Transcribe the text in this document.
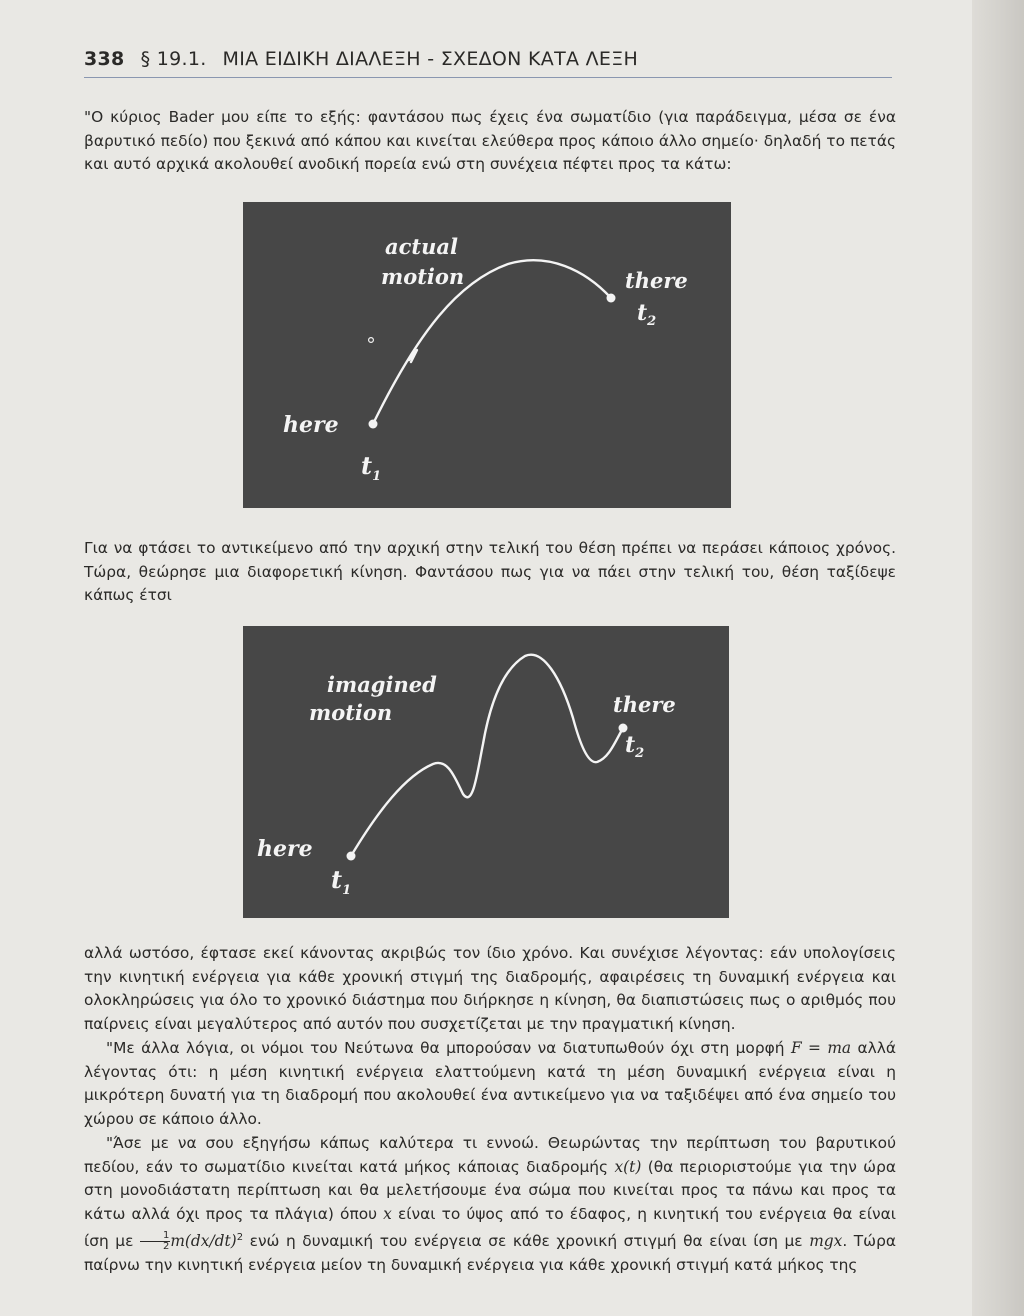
338 § 19.1. ΜΙΑ ΕΙΔΙΚΗ ΔΙΑΛΕΞΗ - ΣΧΕΔΟΝ ΚΑΤΑ ΛΕΞΗ

"Ο κύριος Bader μου είπε το εξής: φαντάσου πως έχεις ένα σωματίδιο (για παράδειγμα, μέσα σε ένα βαρυτικό πεδίο) που ξεκινά από κάπου και κινείται ελεύθερα προς κάποιο άλλο σημείο· δηλαδή το πετάς και αυτό αρχικά ακολουθεί ανοδική πορεία ενώ στη συνέχεια πέφτει προς τα κάτω:

actual
motion	there
$t_2$
here
$t_1$

Για να φτάσει το αντικείμενο από την αρχική στην τελική του θέση πρέπει να περάσει κάποιος χρόνος. Τώρα, θεώρησε μια διαφορετική κίνηση. Φαντάσου πως για να πάει στην τελική του, θέση ταξίδεψε κάπως έτσι

imagined
motion	there
$t_2$
here
$t_1$

αλλά ωστόσο, έφτασε εκεί κάνοντας ακριβώς τον ίδιο χρόνο. Και συνέχισε λέγοντας: εάν υπολογίσεις την κινητική ενέργεια για κάθε χρονική στιγμή της διαδρομής, αφαιρέσεις τη δυναμική ενέργεια και ολοκληρώσεις για όλο το χρονικό διάστημα που διήρκησε η κίνηση, θα διαπιστώσεις πως ο αριθμός που παίρνεις είναι μεγαλύτερος από αυτόν που συσχετίζεται με την πραγματική κίνηση.

"Με άλλα λόγια, οι νόμοι του Νεύτωνα θα μπορούσαν να διατυπωθούν όχι στη μορφή F = ma αλλά λέγοντας ότι: η μέση κινητική ενέργεια ελαττούμενη κατά τη μέση δυναμική ενέργεια είναι η μικρότερη δυνατή για τη διαδρομή που ακολουθεί ένα αντικείμενο για να ταξιδέψει από ένα σημείο του χώρου σε κάποιο άλλο.

"Άσε με να σου εξηγήσω κάπως καλύτερα τι εννοώ. Θεωρώντας την περίπτωση του βαρυτικού πεδίου, εάν το σωματίδιο κινείται κατά μήκος κάποιας διαδρομής x(t) (θα περιοριστούμε για την ώρα στη μονοδιάστατη περίπτωση και θα μελετήσουμε ένα σώμα που κινείται προς τα πάνω και προς τα κάτω αλλά όχι προς τα πλάγια) όπου x είναι το ύψος από το έδαφος, η κινητική του ενέργεια θα είναι ίση με $\frac{1}{2} m(dx/dt)^2$ ενώ η δυναμική του ενέργεια σε κάθε χρονική στιγμή θα είναι ίση με mgx. Τώρα παίρνω την κινητική ενέργεια μείον τη δυναμική ενέργεια για κάθε χρονική στιγμή κατά μήκος της
